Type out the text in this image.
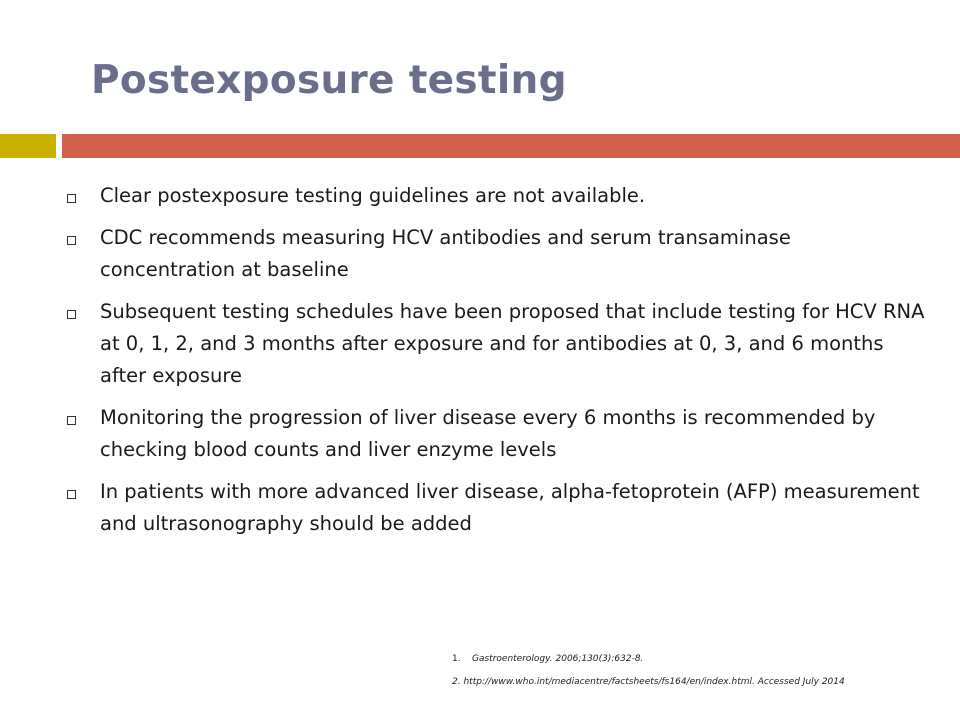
Postexposure testing
Clear postexposure testing guidelines are not available.
CDC recommends measuring HCV antibodies and serum transaminase concentration at baseline
Subsequent testing schedules have been proposed that include testing for HCV RNA at 0, 1, 2, and 3 months after exposure and for antibodies at 0, 3, and 6 months after exposure
Monitoring the progression of liver disease every 6 months is recommended by checking blood counts and liver enzyme levels
In patients with more advanced liver disease, alpha-fetoprotein (AFP) measurement and ultrasonography should be added
1. Gastroenterology. 2006;130(3):632-8.
2. http://www.who.int/mediacentre/factsheets/fs164/en/index.html. Accessed July 2014
